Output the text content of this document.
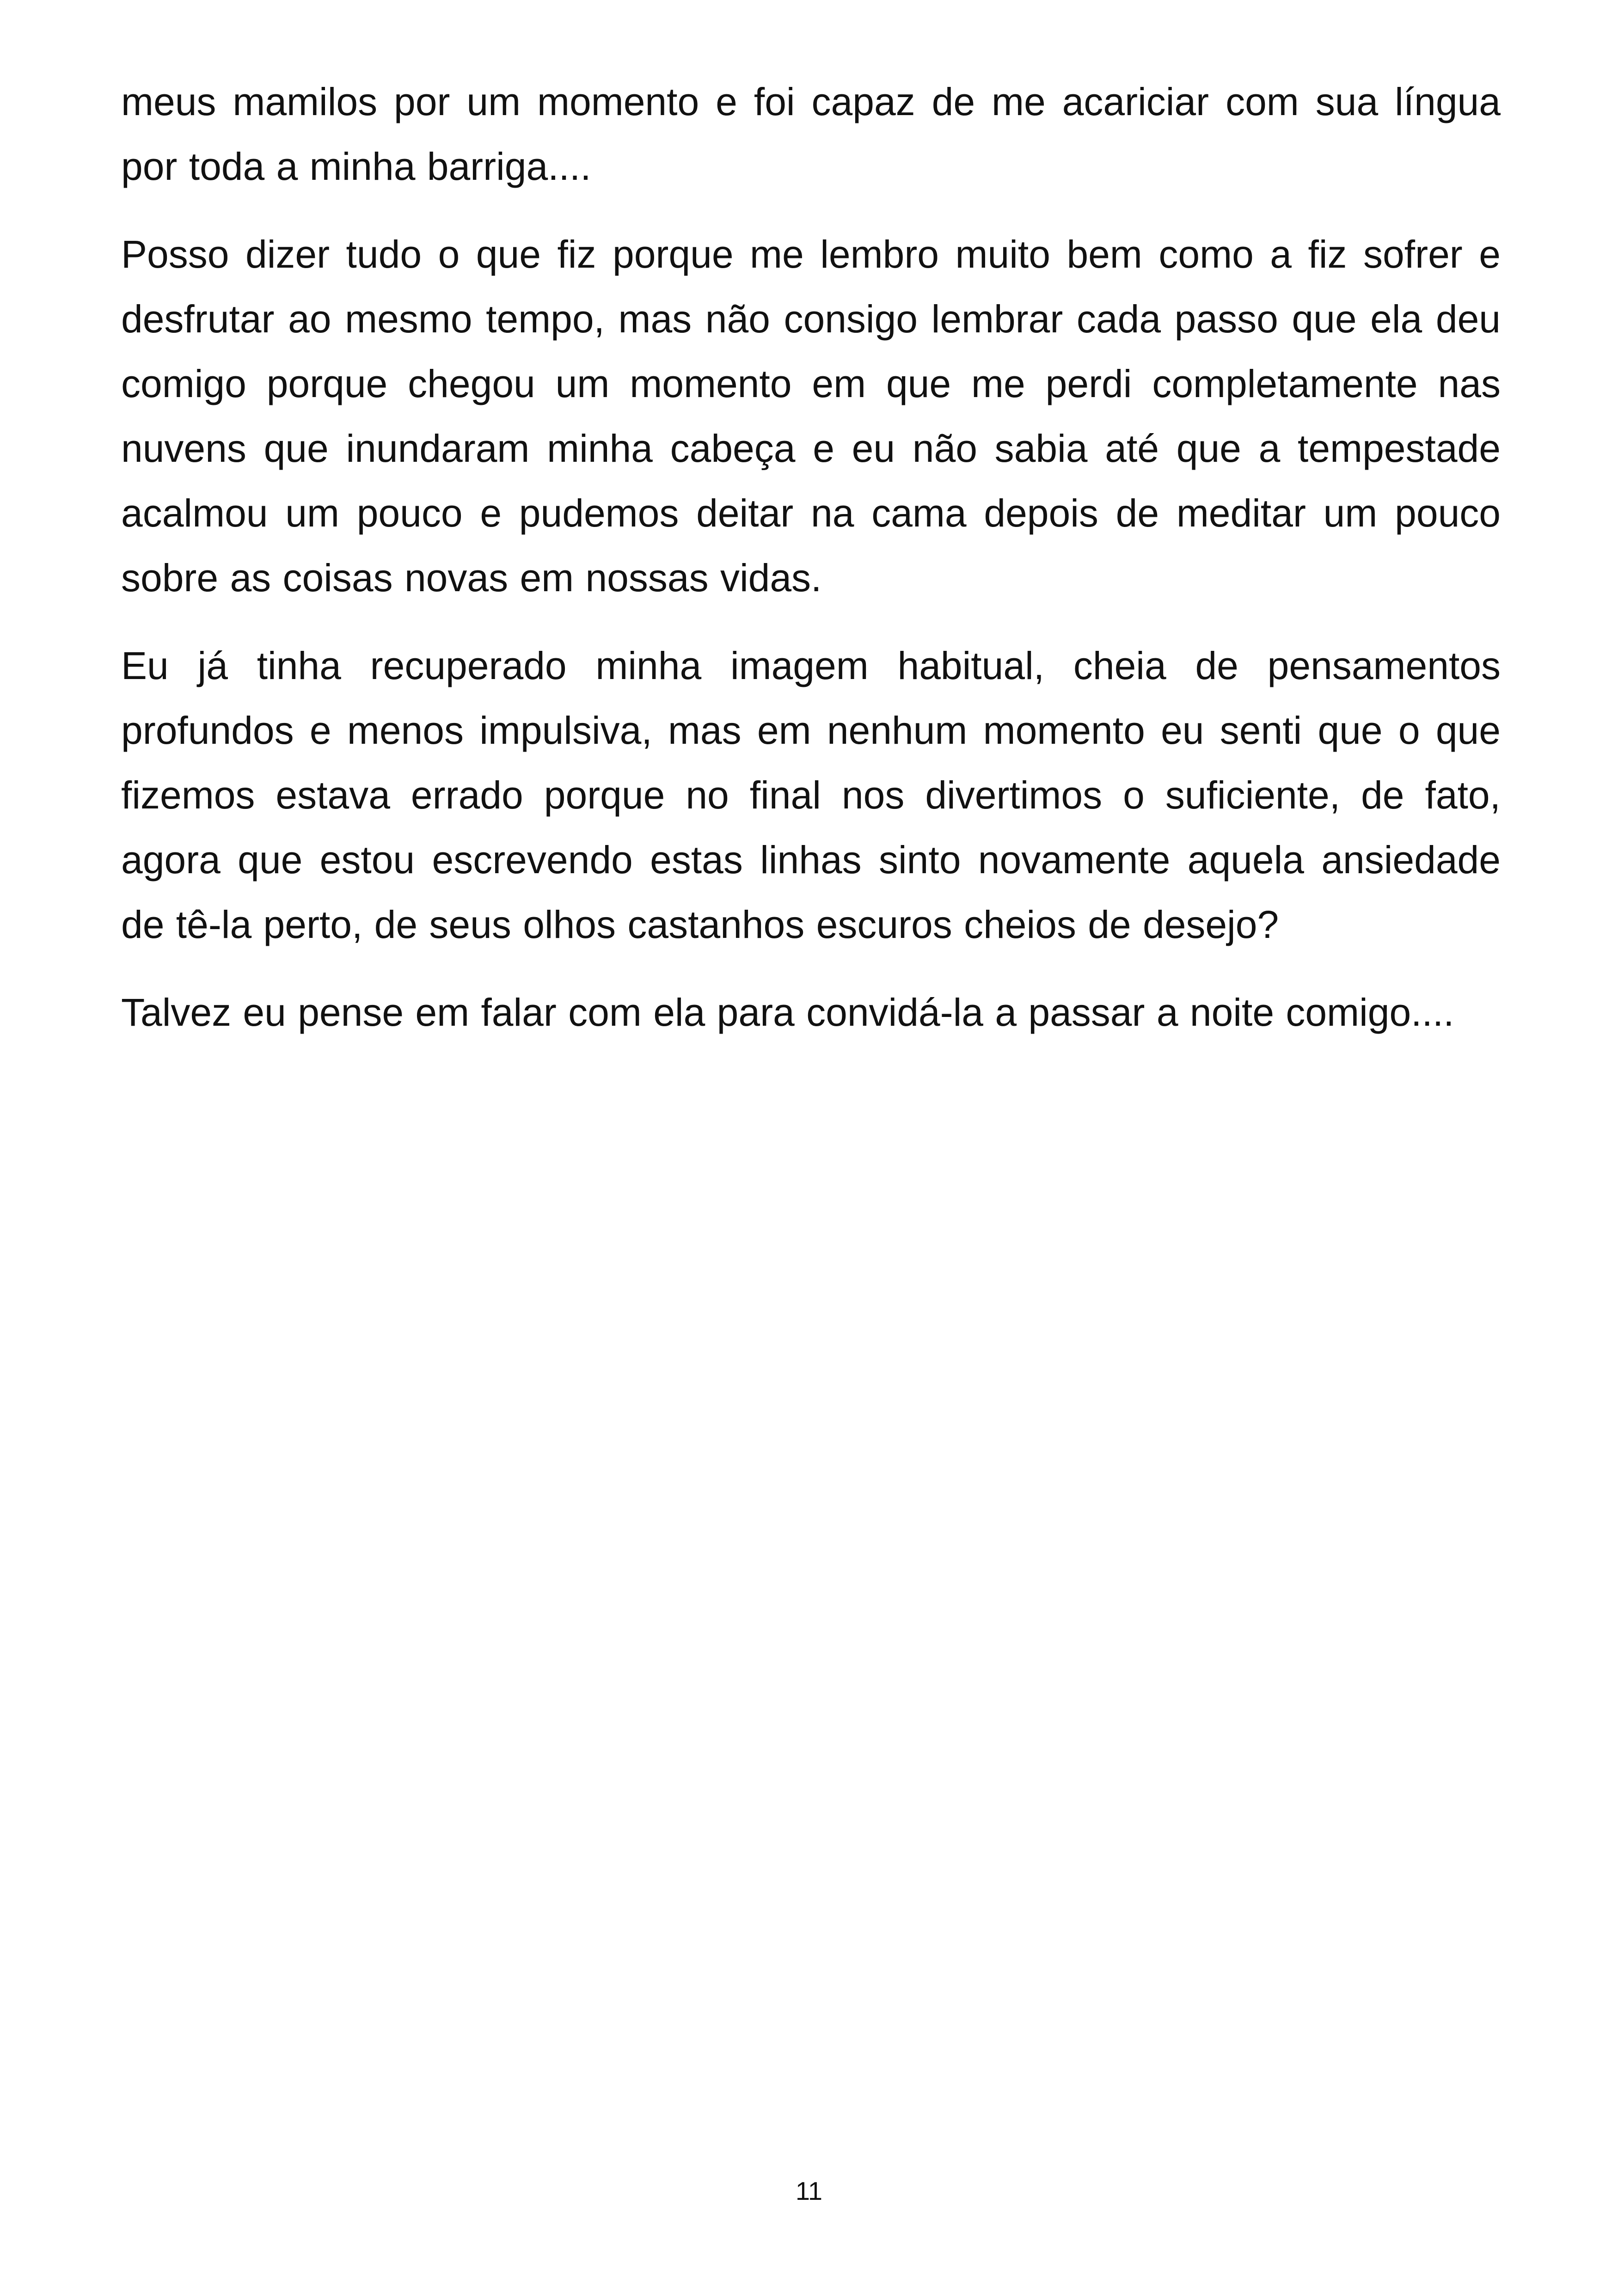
meus mamilos por um momento e foi capaz de me acariciar com sua língua por toda a minha barriga....

Posso dizer tudo o que fiz porque me lembro muito bem como a fiz sofrer e desfrutar ao mesmo tempo, mas não consigo lembrar cada passo que ela deu comigo porque chegou um momento em que me perdi completamente nas nuvens que inundaram minha cabeça e eu não sabia até que a tempestade acalmou um pouco e pudemos deitar na cama depois de meditar um pouco sobre as coisas novas em nossas vidas.

Eu já tinha recuperado minha imagem habitual, cheia de pensamentos profundos e menos impulsiva, mas em nenhum momento eu senti que o que fizemos estava errado porque no final nos divertimos o suficiente, de fato, agora que estou escrevendo estas linhas sinto novamente aquela ansiedade de tê-la perto, de seus olhos castanhos escuros cheios de desejo?

Talvez eu pense em falar com ela para convidá-la a passar a noite comigo....

11
